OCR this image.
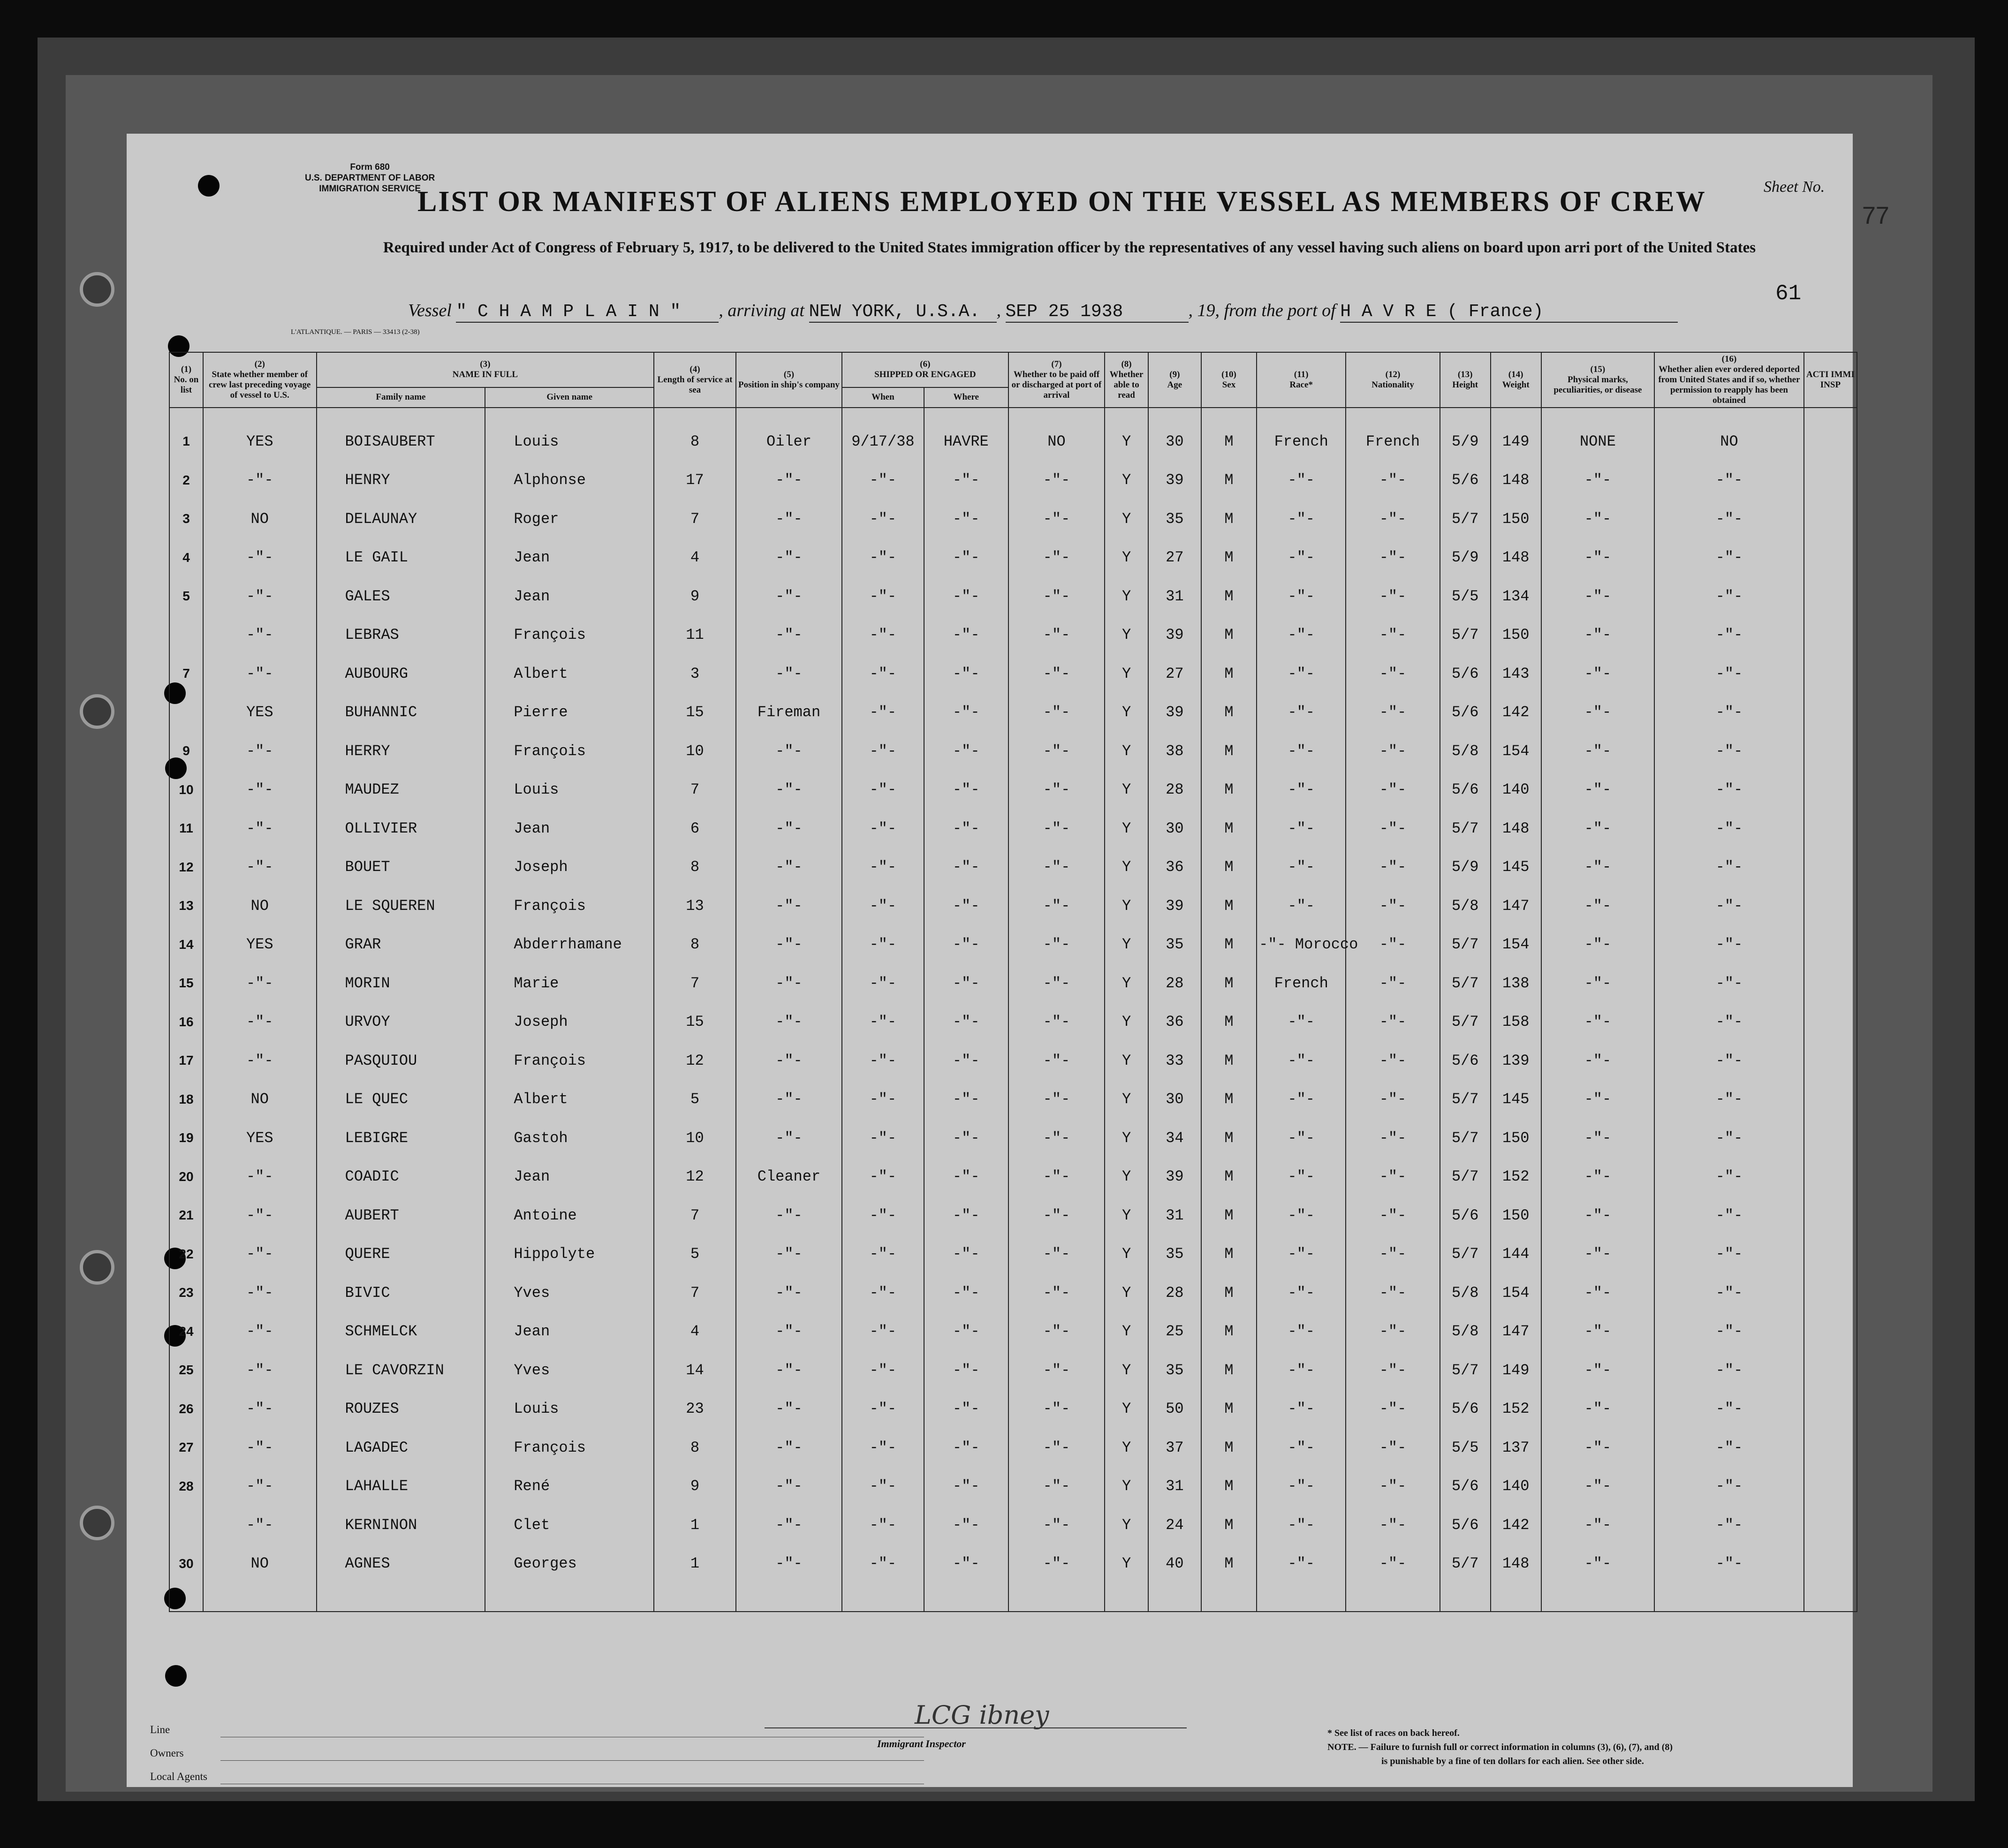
Form 680
U.S. DEPARTMENT OF LABOR
IMMIGRATION SERVICE
LIST OR MANIFEST OF ALIENS EMPLOYED ON THE VESSEL AS MEMBERS OF CREW	Sheet No.
Required under Act of Congress of February 5, 1917, to be delivered to the United States immigration officer by the representatives of any vessel having such aliens on board upon arri port of the United States
Vessel " C H A M P L A I N " , arriving at NEW YORK, U.S.A. , SEP 25 1938	, 19, from the port of H A V R E ( France)
L'ATLANTIQUE. — PARIS — 33413 (2-38)
(1)
No. on list	(2)
State whether member of crew last preceding voyage of vessel to U.S.	(3)
NAME IN FULL		(4)
Length of service at sea	(5)
Position in ship's company	(6)
SHIPPED OR ENGAGED		(7)
Whether to be paid off or discharged at port of arrival	(8)
Whether able to read	(9)
Age	(10)
Sex	(11)
Race*	(12)
Nationality	(13)
Height	(14)
Weight	(15)
Physical marks, peculiarities, or disease	(16)
Whether alien ever ordered deported from United States and if so, whether permission to reapply has been obtained	ACTI IMMI INSP
		Family name	Given name			When	Where											
1	YES	BOISAUBERT	Louis	8	Oiler	9/17/38	HAVRE	NO	Y	30	M	French	French	5/9	149	NONE	NO	
2	-"-	HENRY	Alphonse	17	-"-	-"-	-"-	-"-	Y	39	M	-"-	-"-	5/6	148	-"-	-"-	
3	NO	DELAUNAY	Roger	7	-"-	-"-	-"-	-"-	Y	35	M	-"-	-"-	5/7	150	-"-	-"-	
4	-"-	LE GAIL	Jean	4	-"-	-"-	-"-	-"-	Y	27	M	-"-	-"-	5/9	148	-"-	-"-	
5	-"-	GALES	Jean	9	-"-	-"-	-"-	-"-	Y	31	M	-"-	-"-	5/5	134	-"-	-"-	
	-"-	LEBRAS	François	11	-"-	-"-	-"-	-"-	Y	39	M	-"-	-"-	5/7	150	-"-	-"-	
7	-"-	AUBOURG	Albert	3	-"-	-"-	-"-	-"-	Y	27	M	-"-	-"-	5/6	143	-"-	-"-	
	YES	BUHANNIC	Pierre	15	Fireman	-"-	-"-	-"-	Y	39	M	-"-	-"-	5/6	142	-"-	-"-	
9	-"-	HERRY	François	10	-"-	-"-	-"-	-"-	Y	38	M	-"-	-"-	5/8	154	-"-	-"-	
10	-"-	MAUDEZ	Louis	7	-"-	-"-	-"-	-"-	Y	28	M	-"-	-"-	5/6	140	-"-	-"-	
11	-"-	OLLIVIER	Jean	6	-"-	-"-	-"-	-"-	Y	30	M	-"-	-"-	5/7	148	-"-	-"-	
12	-"-	BOUET	Joseph	8	-"-	-"-	-"-	-"-	Y	36	M	-"-	-"-	5/9	145	-"-	-"-	
13	NO	LE SQUEREN	François	13	-"-	-"-	-"-	-"-	Y	39	M	-"-	-"-	5/8	147	-"-	-"-	
14	YES	GRAR	Abderrhamane	8	-"-	-"-	-"-	-"-	Y	35	M	-"- Morocco	-"-	5/7	154	-"-	-"-	
15	-"-	MORIN	Marie	7	-"-	-"-	-"-	-"-	Y	28	M	French	-"-	5/7	138	-"-	-"-	
16	-"-	URVOY	Joseph	15	-"-	-"-	-"-	-"-	Y	36	M	-"-	-"-	5/7	158	-"-	-"-	
17	-"-	PASQUIOU	François	12	-"-	-"-	-"-	-"-	Y	33	M	-"-	-"-	5/6	139	-"-	-"-	
18	NO	LE QUEC	Albert	5	-"-	-"-	-"-	-"-	Y	30	M	-"-	-"-	5/7	145	-"-	-"-	
19	YES	LEBIGRE	Gastoh	10	-"-	-"-	-"-	-"-	Y	34	M	-"-	-"-	5/7	150	-"-	-"-	
20	-"-	COADIC	Jean	12	Cleaner	-"-	-"-	-"-	Y	39	M	-"-	-"-	5/7	152	-"-	-"-	
21	-"-	AUBERT	Antoine	7	-"-	-"-	-"-	-"-	Y	31	M	-"-	-"-	5/6	150	-"-	-"-	
22	-"-	QUERE	Hippolyte	5	-"-	-"-	-"-	-"-	Y	35	M	-"-	-"-	5/7	144	-"-	-"-	
23	-"-	BIVIC	Yves	7	-"-	-"-	-"-	-"-	Y	28	M	-"-	-"-	5/8	154	-"-	-"-	
24	-"-	SCHMELCK	Jean	4	-"-	-"-	-"-	-"-	Y	25	M	-"-	-"-	5/8	147	-"-	-"-	
25	-"-	LE CAVORZIN	Yves	14	-"-	-"-	-"-	-"-	Y	35	M	-"-	-"-	5/7	149	-"-	-"-	
26	-"-	ROUZES	Louis	23	-"-	-"-	-"-	-"-	Y	50	M	-"-	-"-	5/6	152	-"-	-"-	
27	-"-	LAGADEC	François	8	-"-	-"-	-"-	-"-	Y	37	M	-"-	-"-	5/5	137	-"-	-"-	
28	-"-	LAHALLE	René	9	-"-	-"-	-"-	-"-	Y	31	M	-"-	-"-	5/6	140	-"-	-"-	
	-"-	KERNINON	Clet	1	-"-	-"-	-"-	-"-	Y	24	M	-"-	-"-	5/6	142	-"-	-"-	
30	NO	AGNES	Georges	1	-"-	-"-	-"-	-"-	Y	40	M	-"-	-"-	5/7	148	-"-	-"-	

Line
Owners
Local Agents
LCG ibney
Immigrant Inspector
* See list of races on back hereof.
NOTE. — Failure to furnish full or correct information in columns (3), (6), (7), and (8)
is punishable by a fine of ten dollars for each alien. See other side.
77
61
